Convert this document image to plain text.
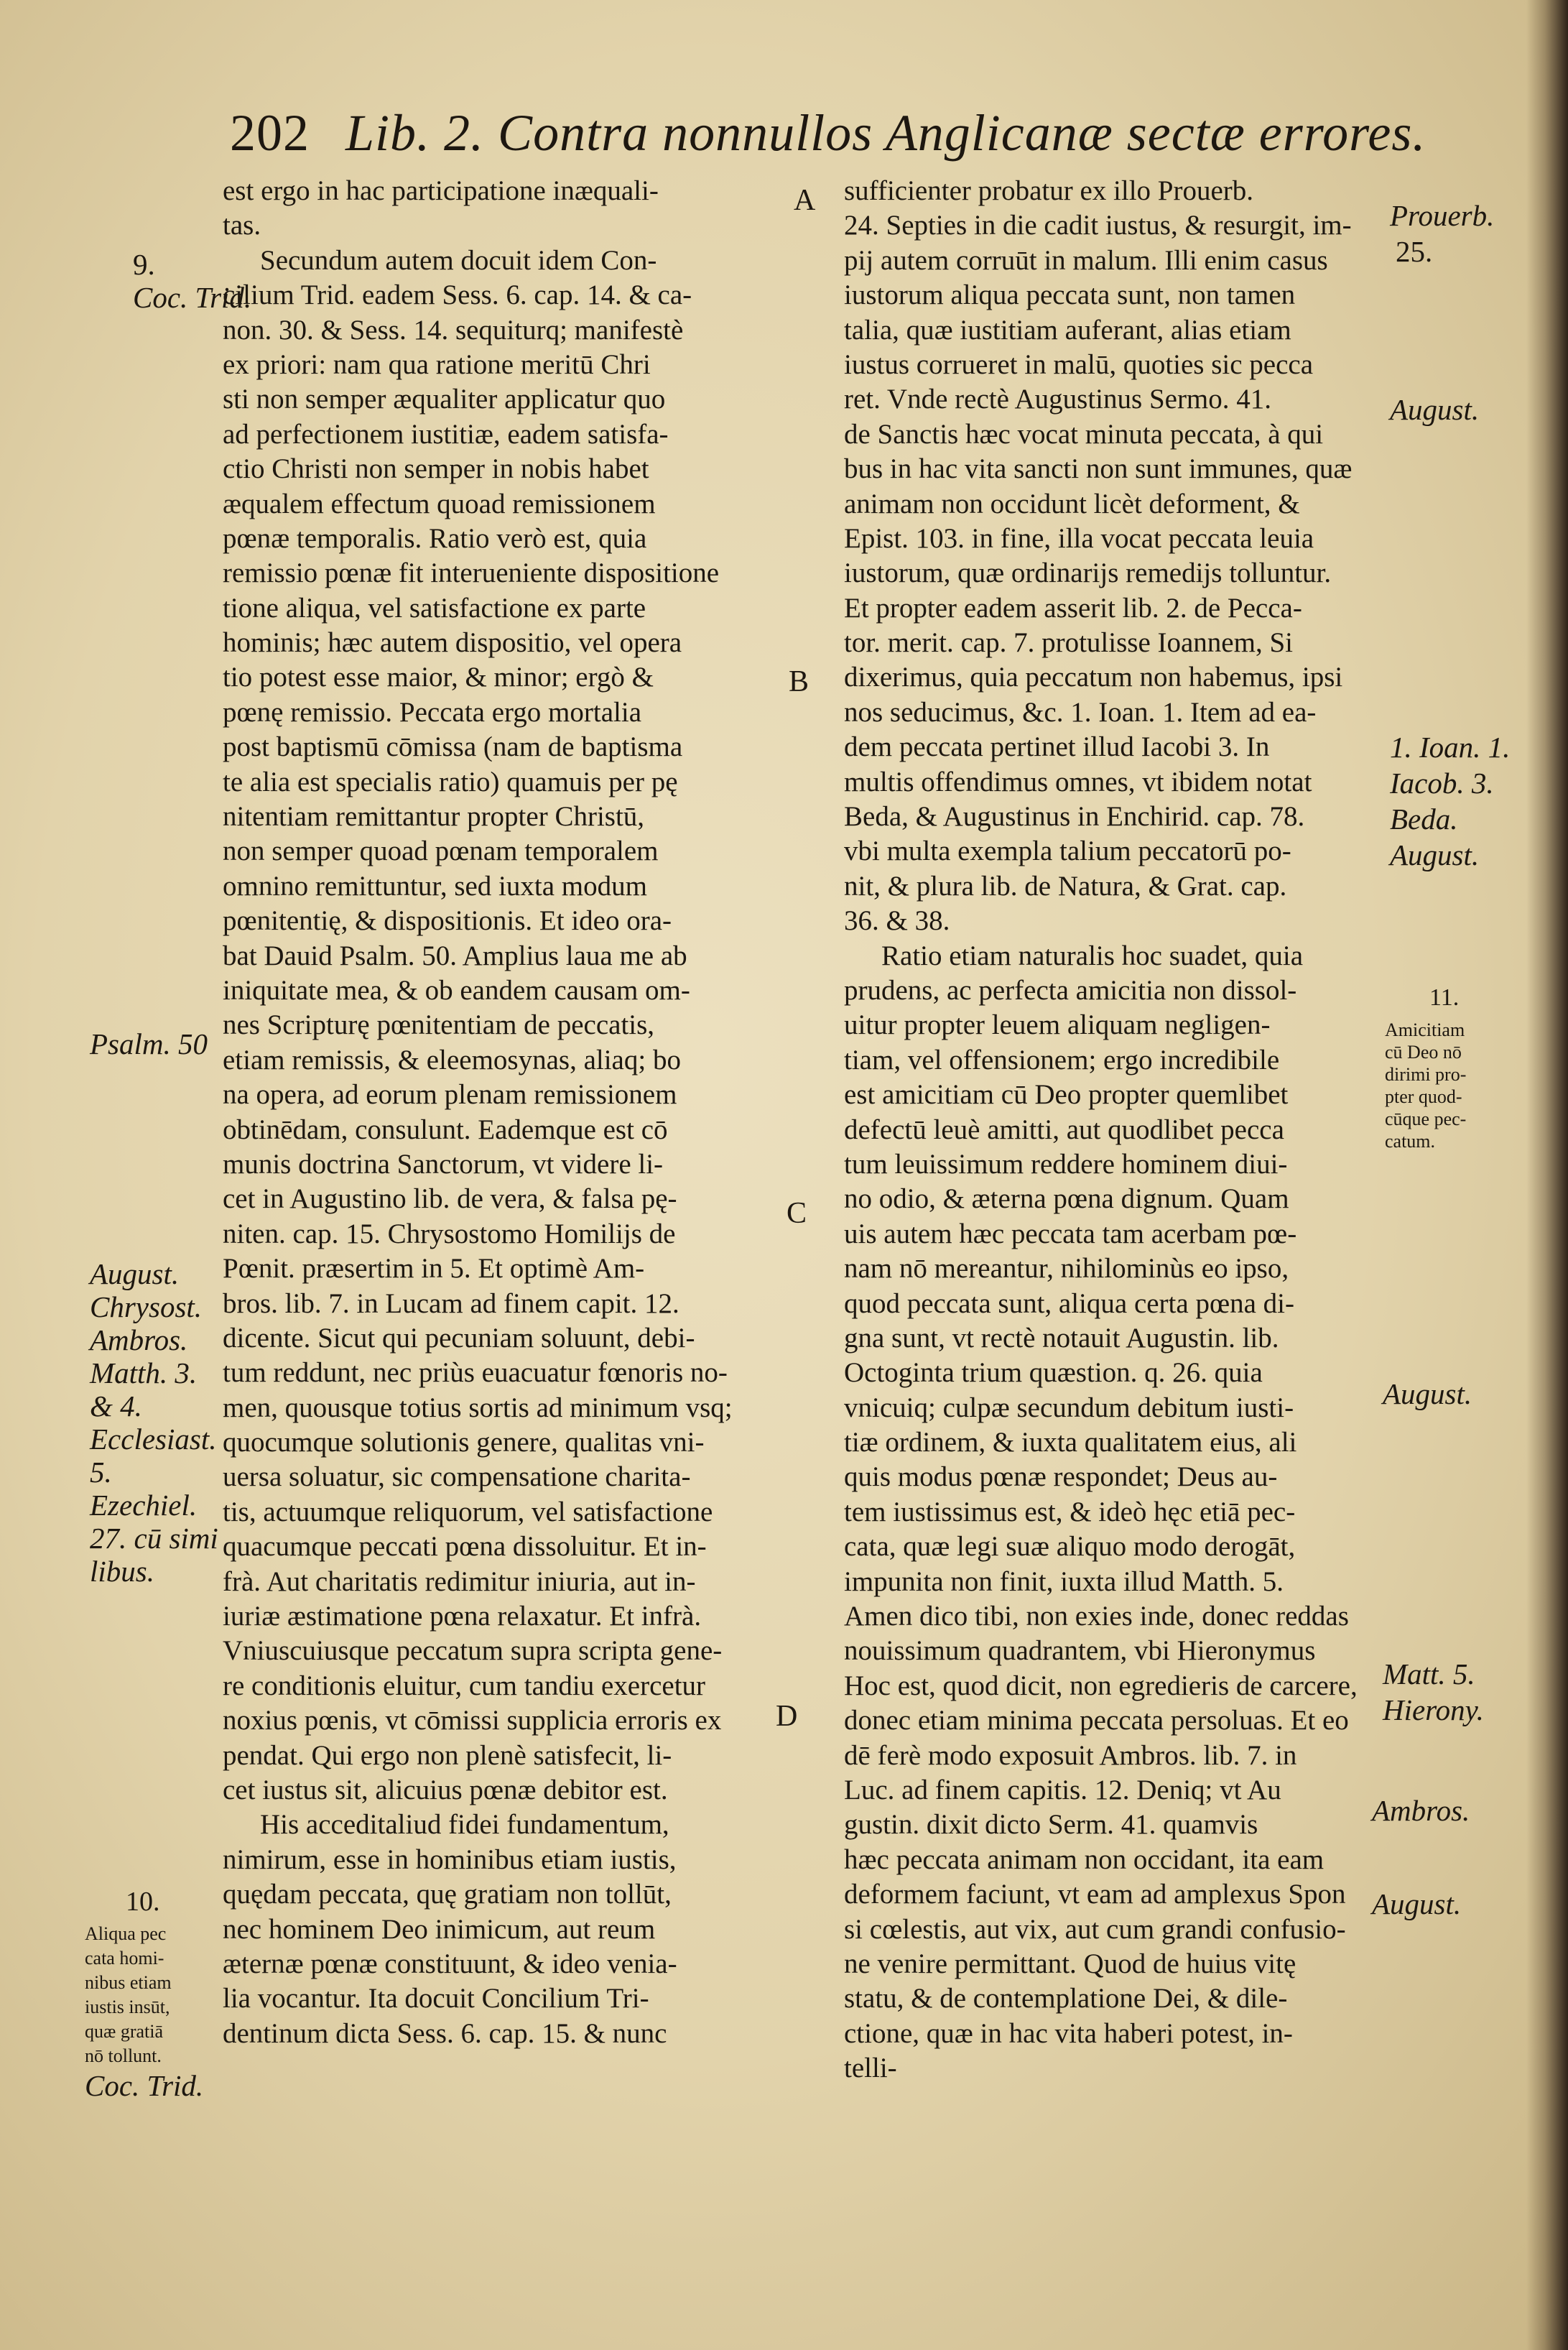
202 Lib. 2. Contra nonnullos Anglicanæ sectæ errores.
9.
Coc. Trid.
Psalm. 50
August.
Chrysost.
Ambros.
Matth. 3.
& 4.
Ecclesiast.
5.
Ezechiel.
27. cū simi
libus.
10.
Aliqua pec
cata homi-
nibus etiam
iustis insūt,
quæ gratiā
nō tollunt.
Coc. Trid.
A
B
C
D
est ergo in hac participatione inæquali-
tas.
Secundum autem docuit idem Con-
cilium Trid. eadem Sess. 6. cap. 14. & ca-
non. 30. & Sess. 14. sequiturq; manifestè
ex priori: nam qua ratione meritū Chri
sti non semper æqualiter applicatur quo
ad perfectionem iustitiæ, eadem satisfa-
ctio Christi non semper in nobis habet
æqualem effectum quoad remissionem
pœnæ temporalis. Ratio verò est, quia
remissio pœnæ fit interueniente dispositione
tione aliqua, vel satisfactione ex parte
hominis; hæc autem dispositio, vel opera
tio potest esse maior, & minor; ergò &
pœnę remissio. Peccata ergo mortalia
post baptismū cōmissa (nam de baptisma
te alia est specialis ratio) quamuis per pę
nitentiam remittantur propter Christū,
non semper quoad pœnam temporalem
omnino remittuntur, sed iuxta modum
pœnitentię, & dispositionis. Et ideo ora-
bat Dauid Psalm. 50. Amplius laua me ab
iniquitate mea, & ob eandem causam om-
nes Scripturę pœnitentiam de peccatis,
etiam remissis, & eleemosynas, aliaq; bo
na opera, ad eorum plenam remissionem
obtinēdam, consulunt. Eademque est cō
munis doctrina Sanctorum, vt videre li-
cet in Augustino lib. de vera, & falsa pę-
niten. cap. 15. Chrysostomo Homilijs de
Pœnit. præsertim in 5. Et optimè Am-
bros. lib. 7. in Lucam ad finem capit. 12.
dicente. Sicut qui pecuniam soluunt, debi-
tum reddunt, nec priùs euacuatur fœnoris no-
men, quousque totius sortis ad minimum vsq;
quocumque solutionis genere, qualitas vni-
uersa soluatur, sic compensatione charita-
tis, actuumque reliquorum, vel satisfactione
quacumque peccati pœna dissoluitur. Et in-
frà. Aut charitatis redimitur iniuria, aut in-
iuriæ æstimatione pœna relaxatur. Et infrà.
Vniuscuiusque peccatum supra scripta gene-
re conditionis eluitur, cum tandiu exercetur
noxius pœnis, vt cōmissi supplicia erroris ex
pendat. Qui ergo non plenè satisfecit, li-
cet iustus sit, alicuius pœnæ debitor est.
His acceditaliud fidei fundamentum,
nimirum, esse in hominibus etiam iustis,
quędam peccata, quę gratiam non tollūt,
nec hominem Deo inimicum, aut reum
æternæ pœnæ constituunt, & ideo venia-
lia vocantur. Ita docuit Concilium Tri-
dentinum dicta Sess. 6. cap. 15. & nunc
sufficienter probatur ex illo Prouerb.
24. Septies in die cadit iustus, & resurgit, im-
pij autem corruūt in malum. Illi enim casus
iustorum aliqua peccata sunt, non tamen
talia, quæ iustitiam auferant, alias etiam
iustus corrueret in malū, quoties sic pecca
ret. Vnde rectè Augustinus Sermo. 41.
de Sanctis hæc vocat minuta peccata, à qui
bus in hac vita sancti non sunt immunes, quæ
animam non occidunt licèt deforment, &
Epist. 103. in fine, illa vocat peccata leuia
iustorum, quæ ordinarijs remedijs tolluntur.
Et propter eadem asserit lib. 2. de Pecca-
tor. merit. cap. 7. protulisse Ioannem, Si
dixerimus, quia peccatum non habemus, ipsi
nos seducimus, &c. 1. Ioan. 1. Item ad ea-
dem peccata pertinet illud Iacobi 3. In
multis offendimus omnes, vt ibidem notat
Beda, & Augustinus in Enchirid. cap. 78.
vbi multa exempla talium peccatorū po-
nit, & plura lib. de Natura, & Grat. cap.
36. & 38.
Ratio etiam naturalis hoc suadet, quia
prudens, ac perfecta amicitia non dissol-
uitur propter leuem aliquam negligen-
tiam, vel offensionem; ergo incredibile
est amicitiam cū Deo propter quemlibet
defectū leuè amitti, aut quodlibet pecca
tum leuissimum reddere hominem diui-
no odio, & æterna pœna dignum. Quam
uis autem hæc peccata tam acerbam pœ-
nam nō mereantur, nihilominùs eo ipso,
quod peccata sunt, aliqua certa pœna di-
gna sunt, vt rectè notauit Augustin. lib.
Octoginta trium quæstion. q. 26. quia
vnicuiq; culpæ secundum debitum iusti-
tiæ ordinem, & iuxta qualitatem eius, ali
quis modus pœnæ respondet; Deus au-
tem iustissimus est, & ideò hęc etiā pec-
cata, quæ legi suæ aliquo modo derogāt,
impunita non finit, iuxta illud Matth. 5.
Amen dico tibi, non exies inde, donec reddas
nouissimum quadrantem, vbi Hieronymus
Hoc est, quod dicit, non egredieris de carcere,
donec etiam minima peccata persoluas. Et eo
dē ferè modo exposuit Ambros. lib. 7. in
Luc. ad finem capitis. 12. Deniq; vt Au
gustin. dixit dicto Serm. 41. quamvis
hæc peccata animam non occidant, ita eam
deformem faciunt, vt eam ad amplexus Spon
si cœlestis, aut vix, aut cum grandi confusio-
ne venire permittant. Quod de huius vitę
statu, & de contemplatione Dei, & dile-
ctione, quæ in hac vita haberi potest, in-
telli-
Prouerb.
25.
August.
1. Ioan. 1.
Iacob. 3.
Beda.
August.
11.
Amicitiam
cū Deo nō
dirimi pro-
pter quod-
cūque pec-
catum.
August.
Matt. 5.
Hierony.
Ambros.
August.
